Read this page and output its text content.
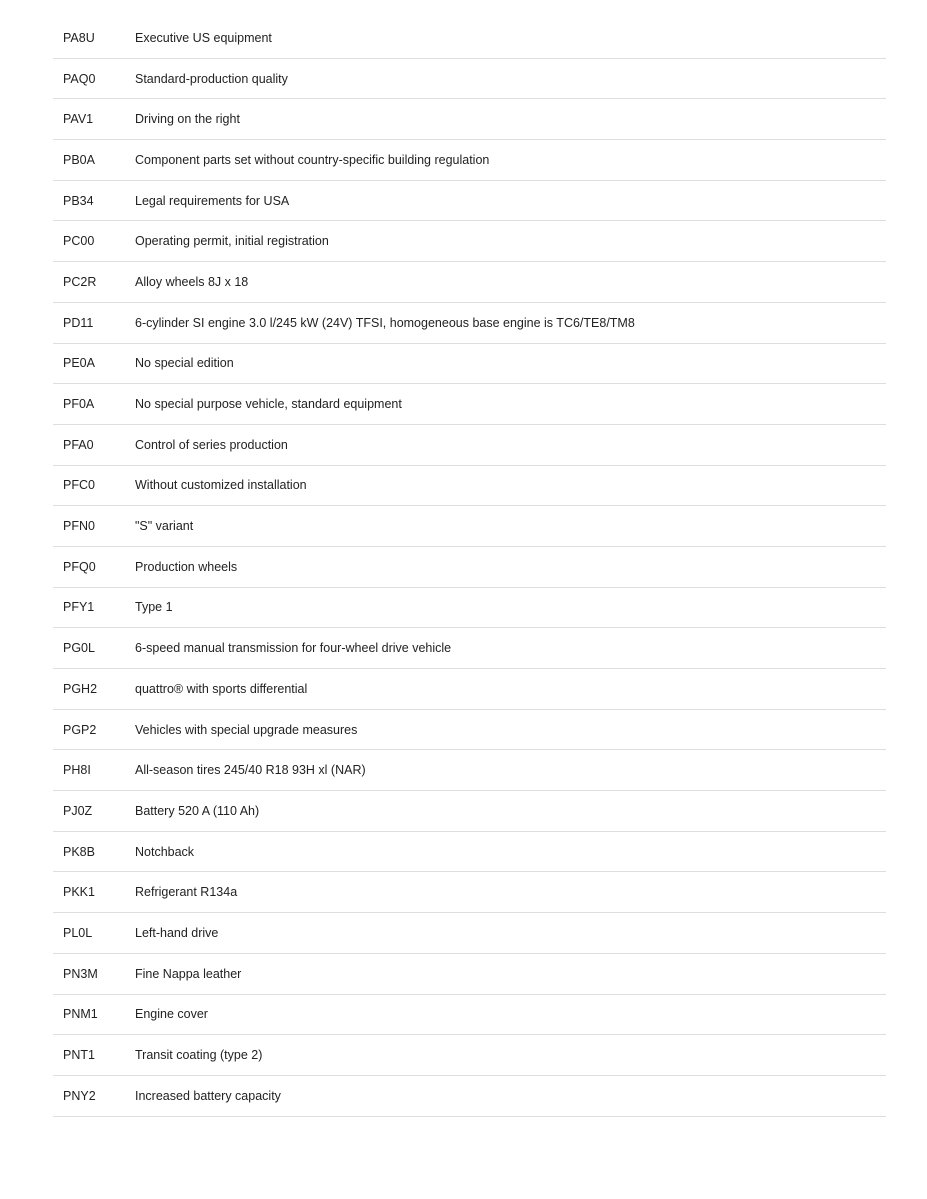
PA8U	Executive US equipment
PAQ0	Standard-production quality
PAV1	Driving on the right
PB0A	Component parts set without country-specific building regulation
PB34	Legal requirements for USA
PC00	Operating permit, initial registration
PC2R	Alloy wheels 8J x 18
PD11	6-cylinder SI engine 3.0 l/245 kW (24V) TFSI, homogeneous base engine is TC6/TE8/TM8
PE0A	No special edition
PF0A	No special purpose vehicle, standard equipment
PFA0	Control of series production
PFC0	Without customized installation
PFN0	"S" variant
PFQ0	Production wheels
PFY1	Type 1
PG0L	6-speed manual transmission for four-wheel drive vehicle
PGH2	quattro® with sports differential
PGP2	Vehicles with special upgrade measures
PH8I	All-season tires 245/40 R18 93H xl (NAR)
PJ0Z	Battery 520 A (110 Ah)
PK8B	Notchback
PKK1	Refrigerant R134a
PL0L	Left-hand drive
PN3M	Fine Nappa leather
PNM1	Engine cover
PNT1	Transit coating (type 2)
PNY2	Increased battery capacity
